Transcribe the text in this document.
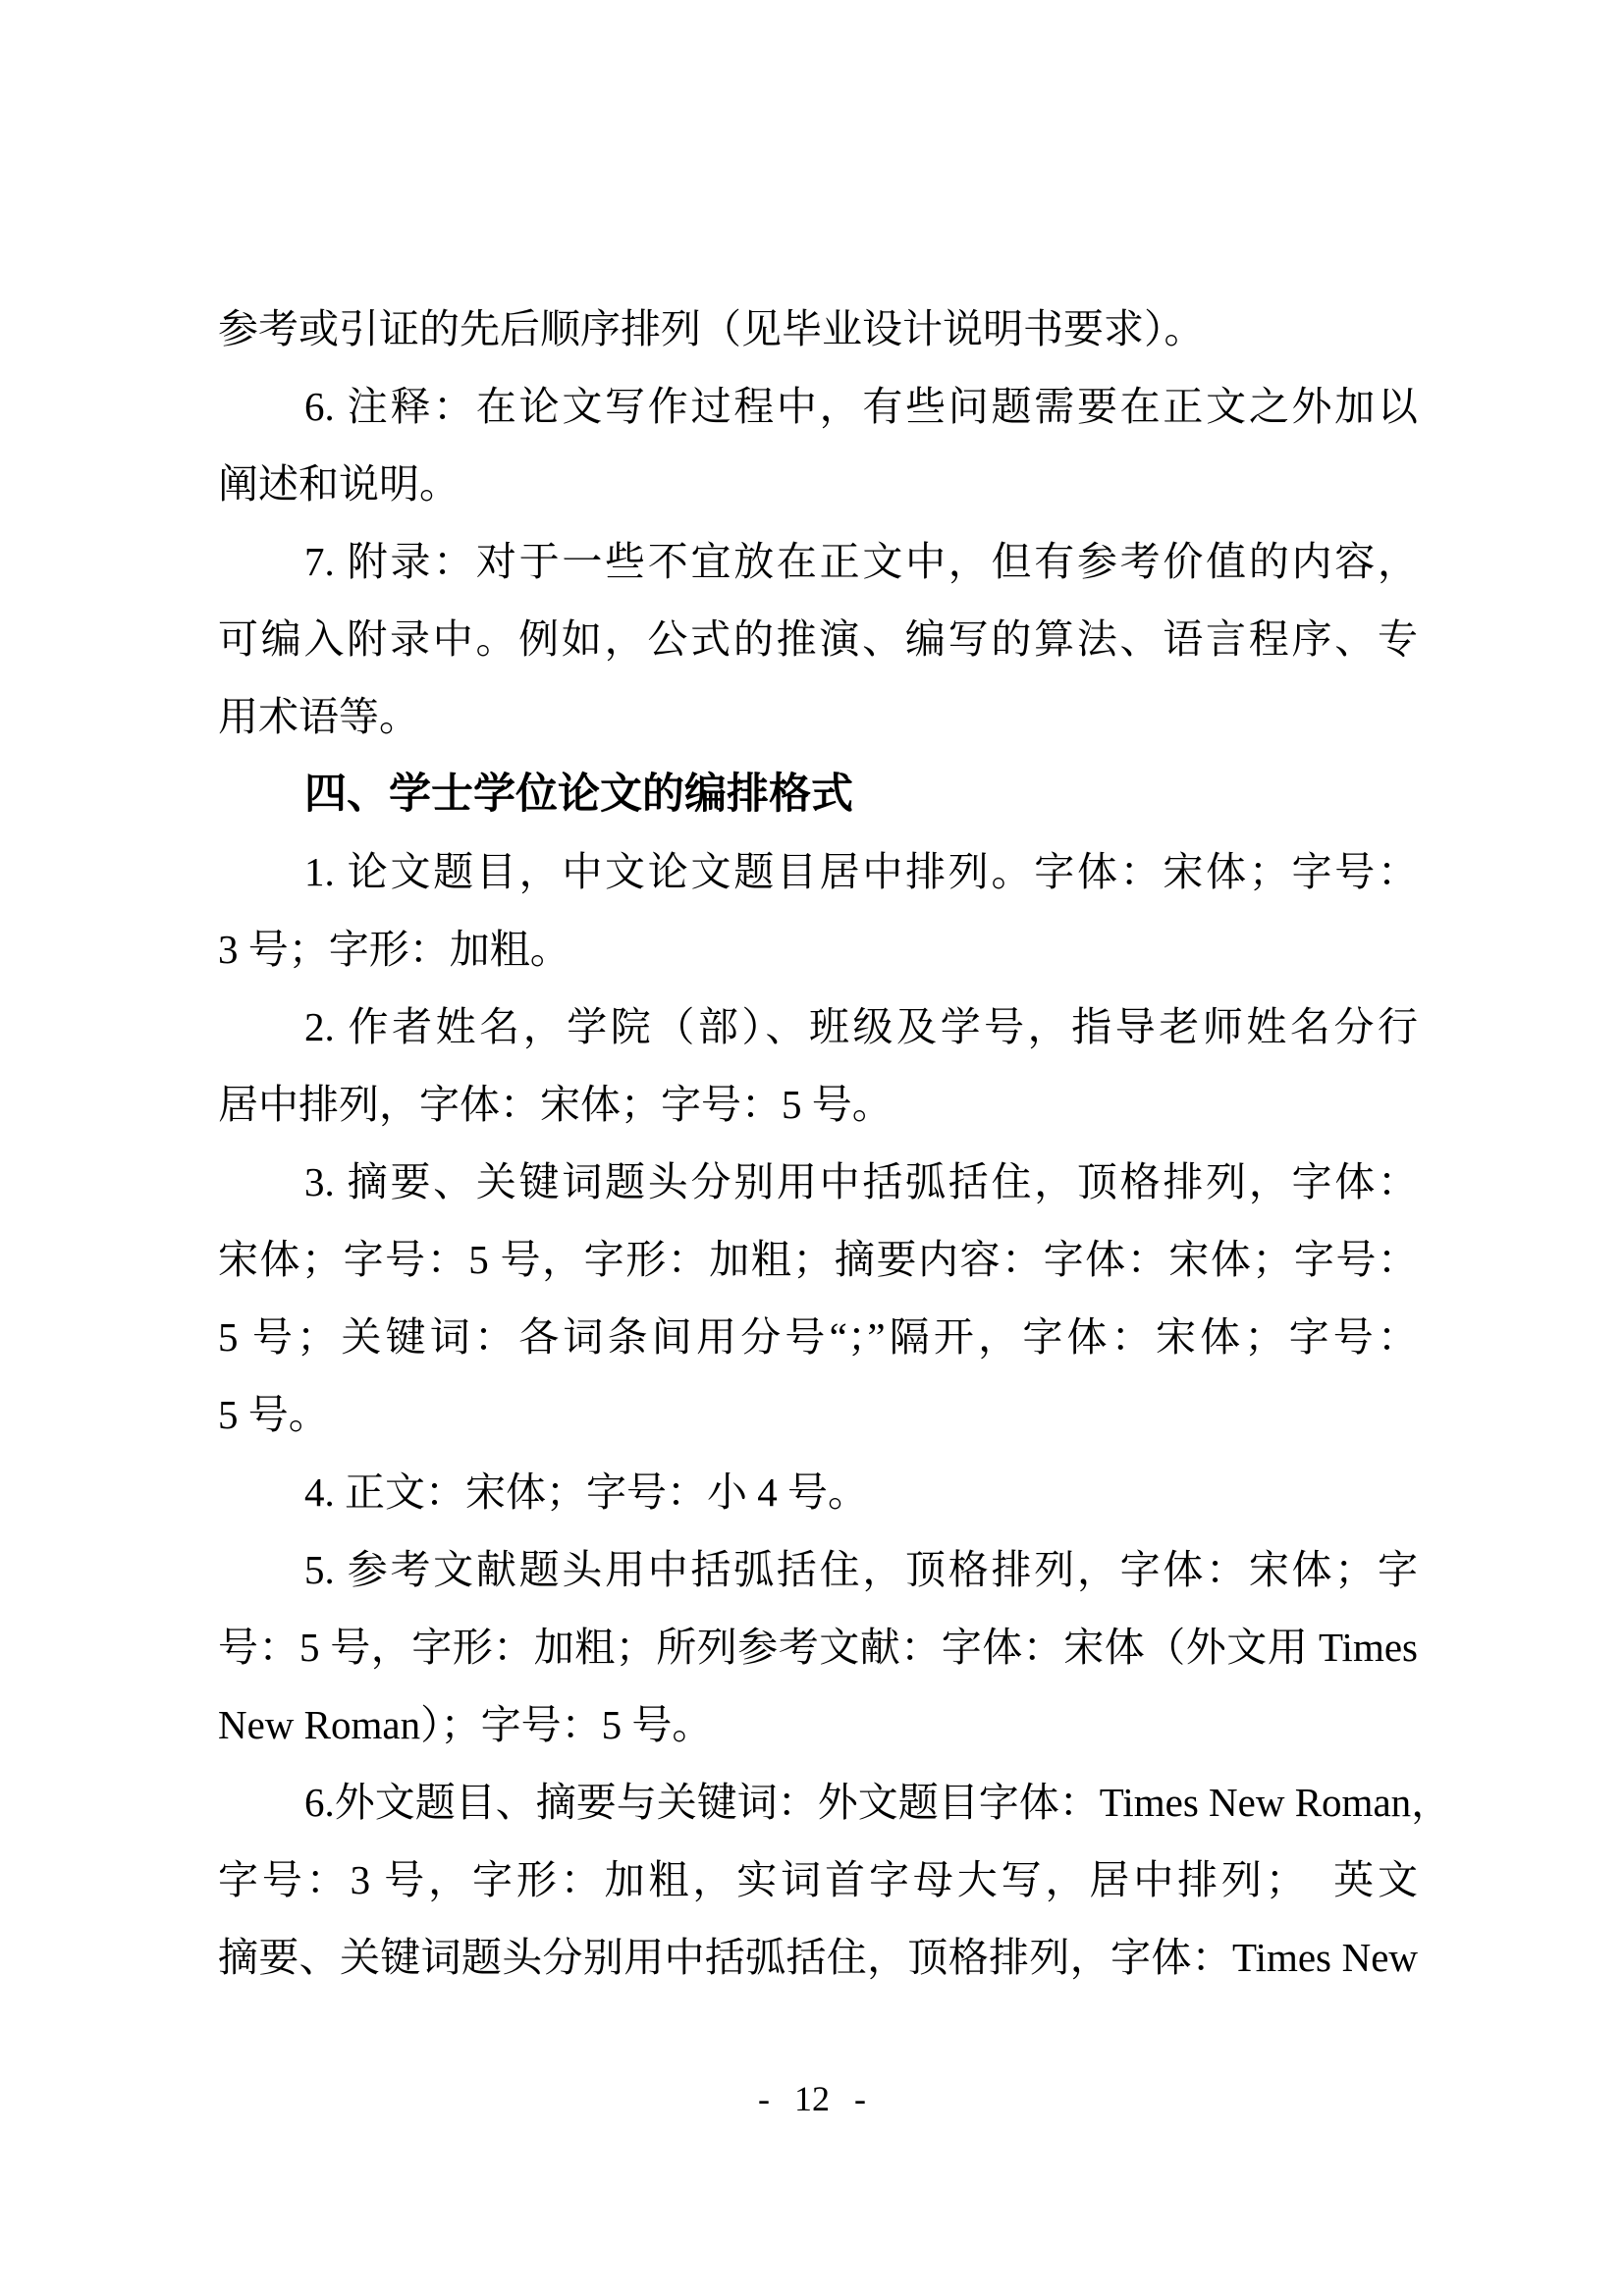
参考或引证的先后顺序排列（见毕业设计说明书要求）。
6. 注释：在论文写作过程中，有些问题需要在正文之外加以
阐述和说明。
7. 附录：对于一些不宜放在正文中，但有参考价值的内容，
可编入附录中。例如，公式的推演、编写的算法、语言程序、专
用术语等。
四、学士学位论文的编排格式
1. 论文题目，中文论文题目居中排列。字体：宋体；字号：
3 号；字形：加粗。
2. 作者姓名，学院（部）、班级及学号，指导老师姓名分行
居中排列，字体：宋体；字号：5 号。
3. 摘要、关键词题头分别用中括弧括住，顶格排列，字体：
宋体；字号：5 号，字形：加粗；摘要内容：字体：宋体；字号：
5 号；关键词：各词条间用分号“；”隔开，字体：宋体；字号：
5 号。
4. 正文：宋体；字号：小 4 号。
5. 参考文献题头用中括弧括住，顶格排列，字体：宋体；字
号：5 号，字形：加粗；所列参考文献：字体：宋体（外文用 Times
New Roman）；字号：5 号。
6.外文题目、摘要与关键词：外文题目字体：Times New Roman，
字号：3 号，字形：加粗，实词首字母大写，居中排列；　英文
摘要、关键词题头分别用中括弧括住，顶格排列，字体：Times New
- 12 -
